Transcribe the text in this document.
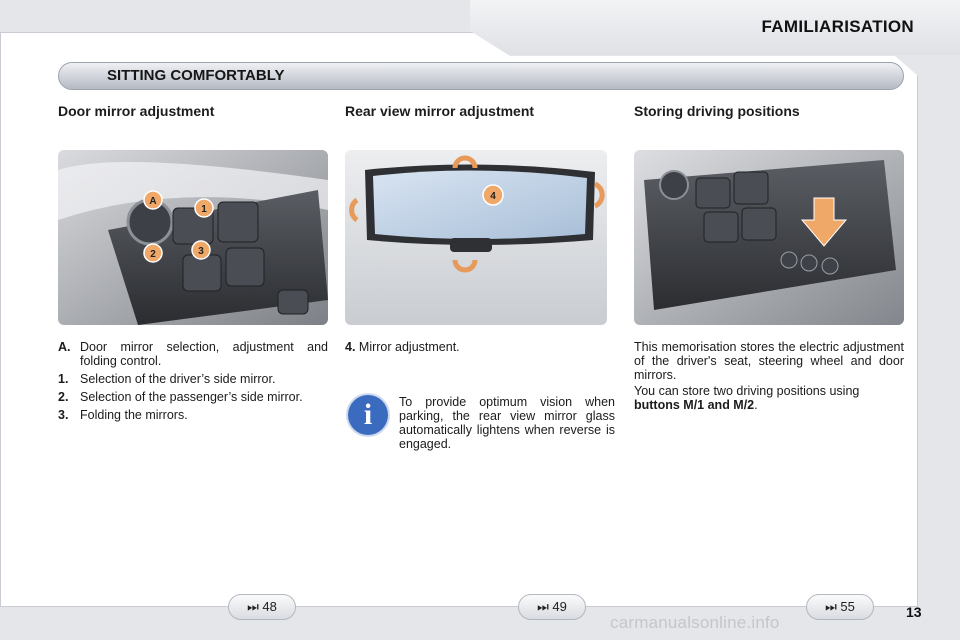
FAMILIARISATION
SITTING COMFORTABLY
Door mirror adjustment	Rear view mirror adjustment	Storing driving positions
A
1
2	3
4
A. Door mirror selection, adjustment and folding control.
1. Selection of the driver’s side mirror.
2. Selection of the passenger’s side mirror.
3. Folding the mirrors.
4. Mirror adjustment.
i	To provide optimum vision when parking, the rear view mirror glass automatically lightens when reverse is engaged.
This memorisation stores the electric adjustment of the driver's seat, steering wheel and door mirrors.
You can store two driving positions using buttons M/1 and M/2.
⏭ 48	⏭ 49	⏭ 55	13
carmanualsonline.info
